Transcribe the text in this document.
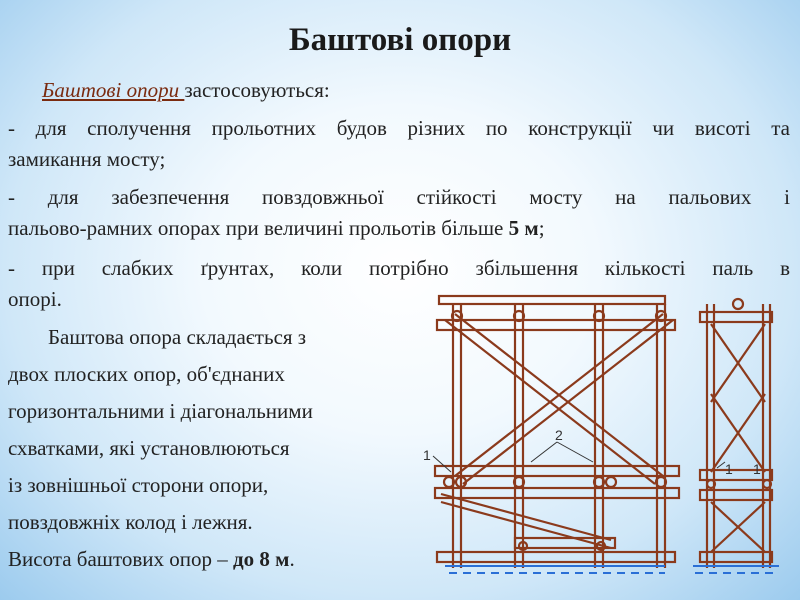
Баштові опори
Баштові опори застосовуються:
- для сполучення прольотних будов різних по конструкції чи висоті та
замикання мосту;
- для забезпечення повздовжньої стійкості мосту на пальових і
пальово-рамних опорах при величині прольотів більше 5 м;
- при слабких ґрунтах, коли потрібно збільшення кількості паль в
опорі.
Баштова опора складається з
двох плоских опор, об'єднаних
горизонтальними і діагональними
схватками, які установлюються
із зовнішньої сторони опори,
повздовжніх колод і лежня.
Висота баштових опор – до 8 м.
1
2
1 1
